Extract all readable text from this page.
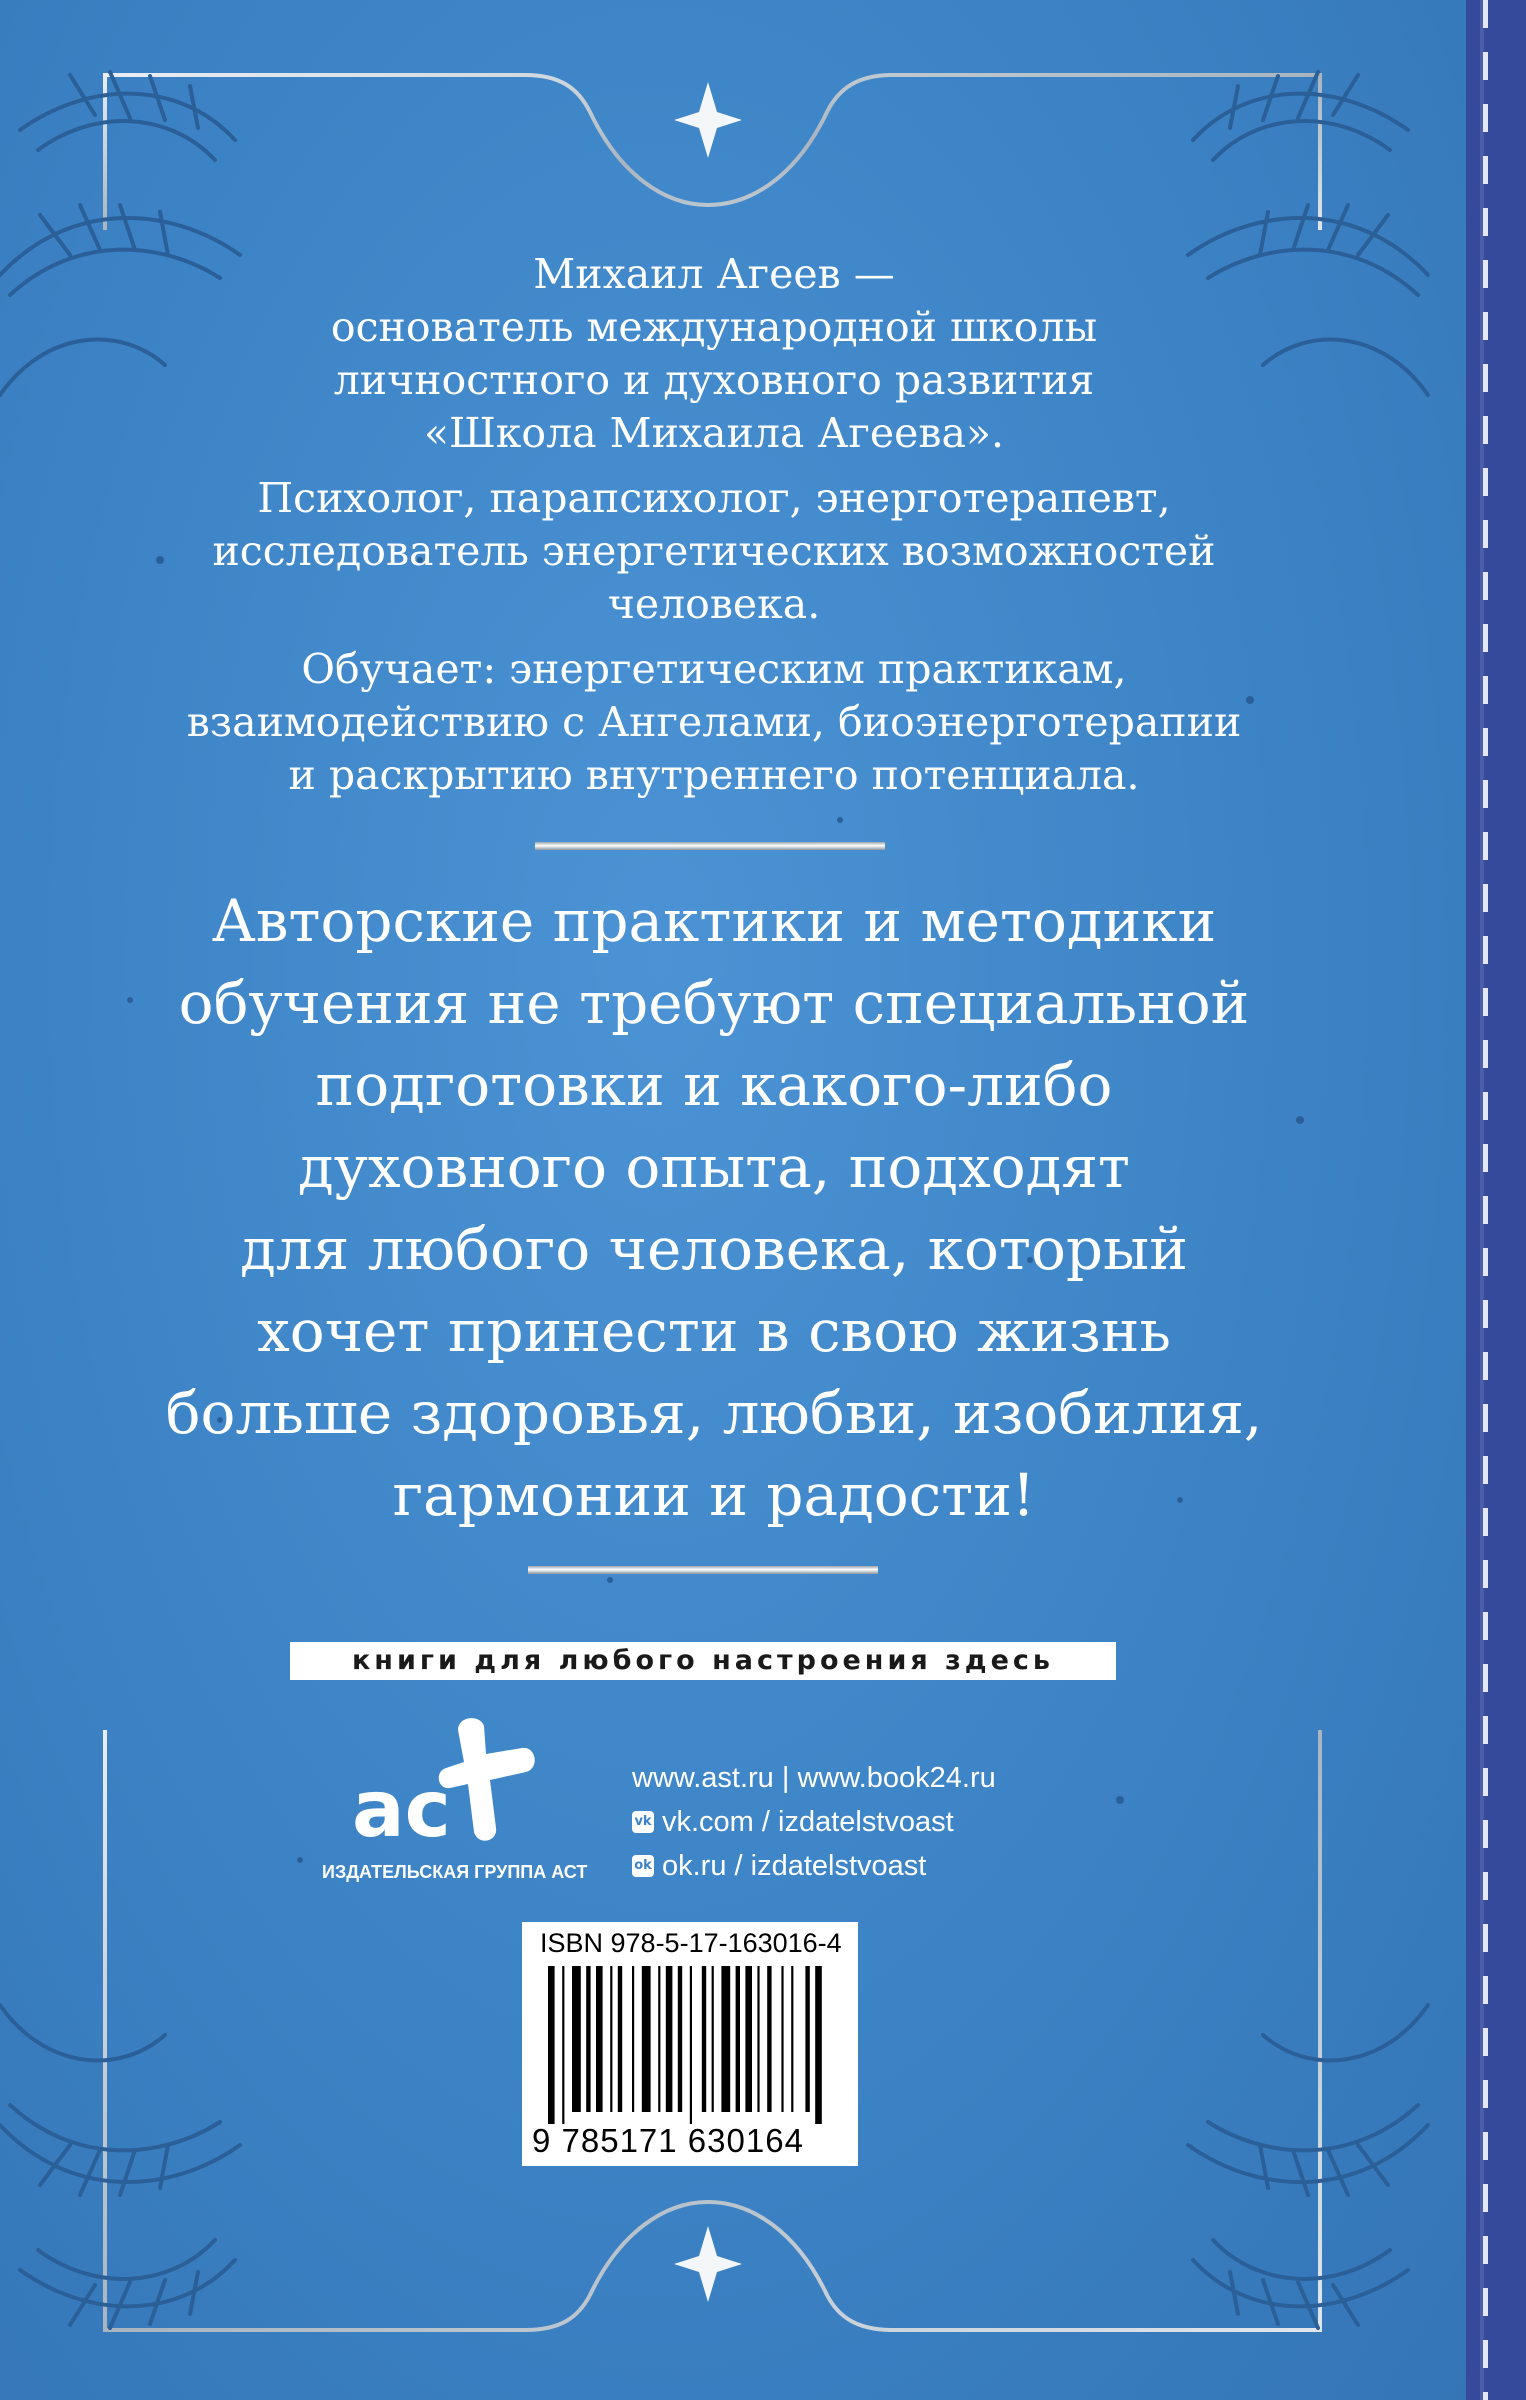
Михаил Агеев —
основатель международной школы
личностного и духовного развития
«Школа Михаила Агеева».

Психолог, парапсихолог, энерготерапевт,
исследователь энергетических возможностей
человека.

Обучает: энергетическим практикам,
взаимодействию с Ангелами, биоэнерготерапии
и раскрытию внутреннего потенциала.

Авторские практики и методики
обучения не требуют специальной
подготовки и какого-либо
духовного опыта, подходят
для любого человека, который
хочет принести в свою жизнь
больше здоровья, любви, изобилия,
гармонии и радости!
книги для любого настроения здесь
ас
ИЗДАТЕЛЬСКАЯ ГРУППА АСТ
www.ast.ru | www.book24.ru
vk vk.com / izdatelstvoast
ok ok.ru / izdatelstvoast
ISBN 978-5-17-163016-4
9 785171 630164
